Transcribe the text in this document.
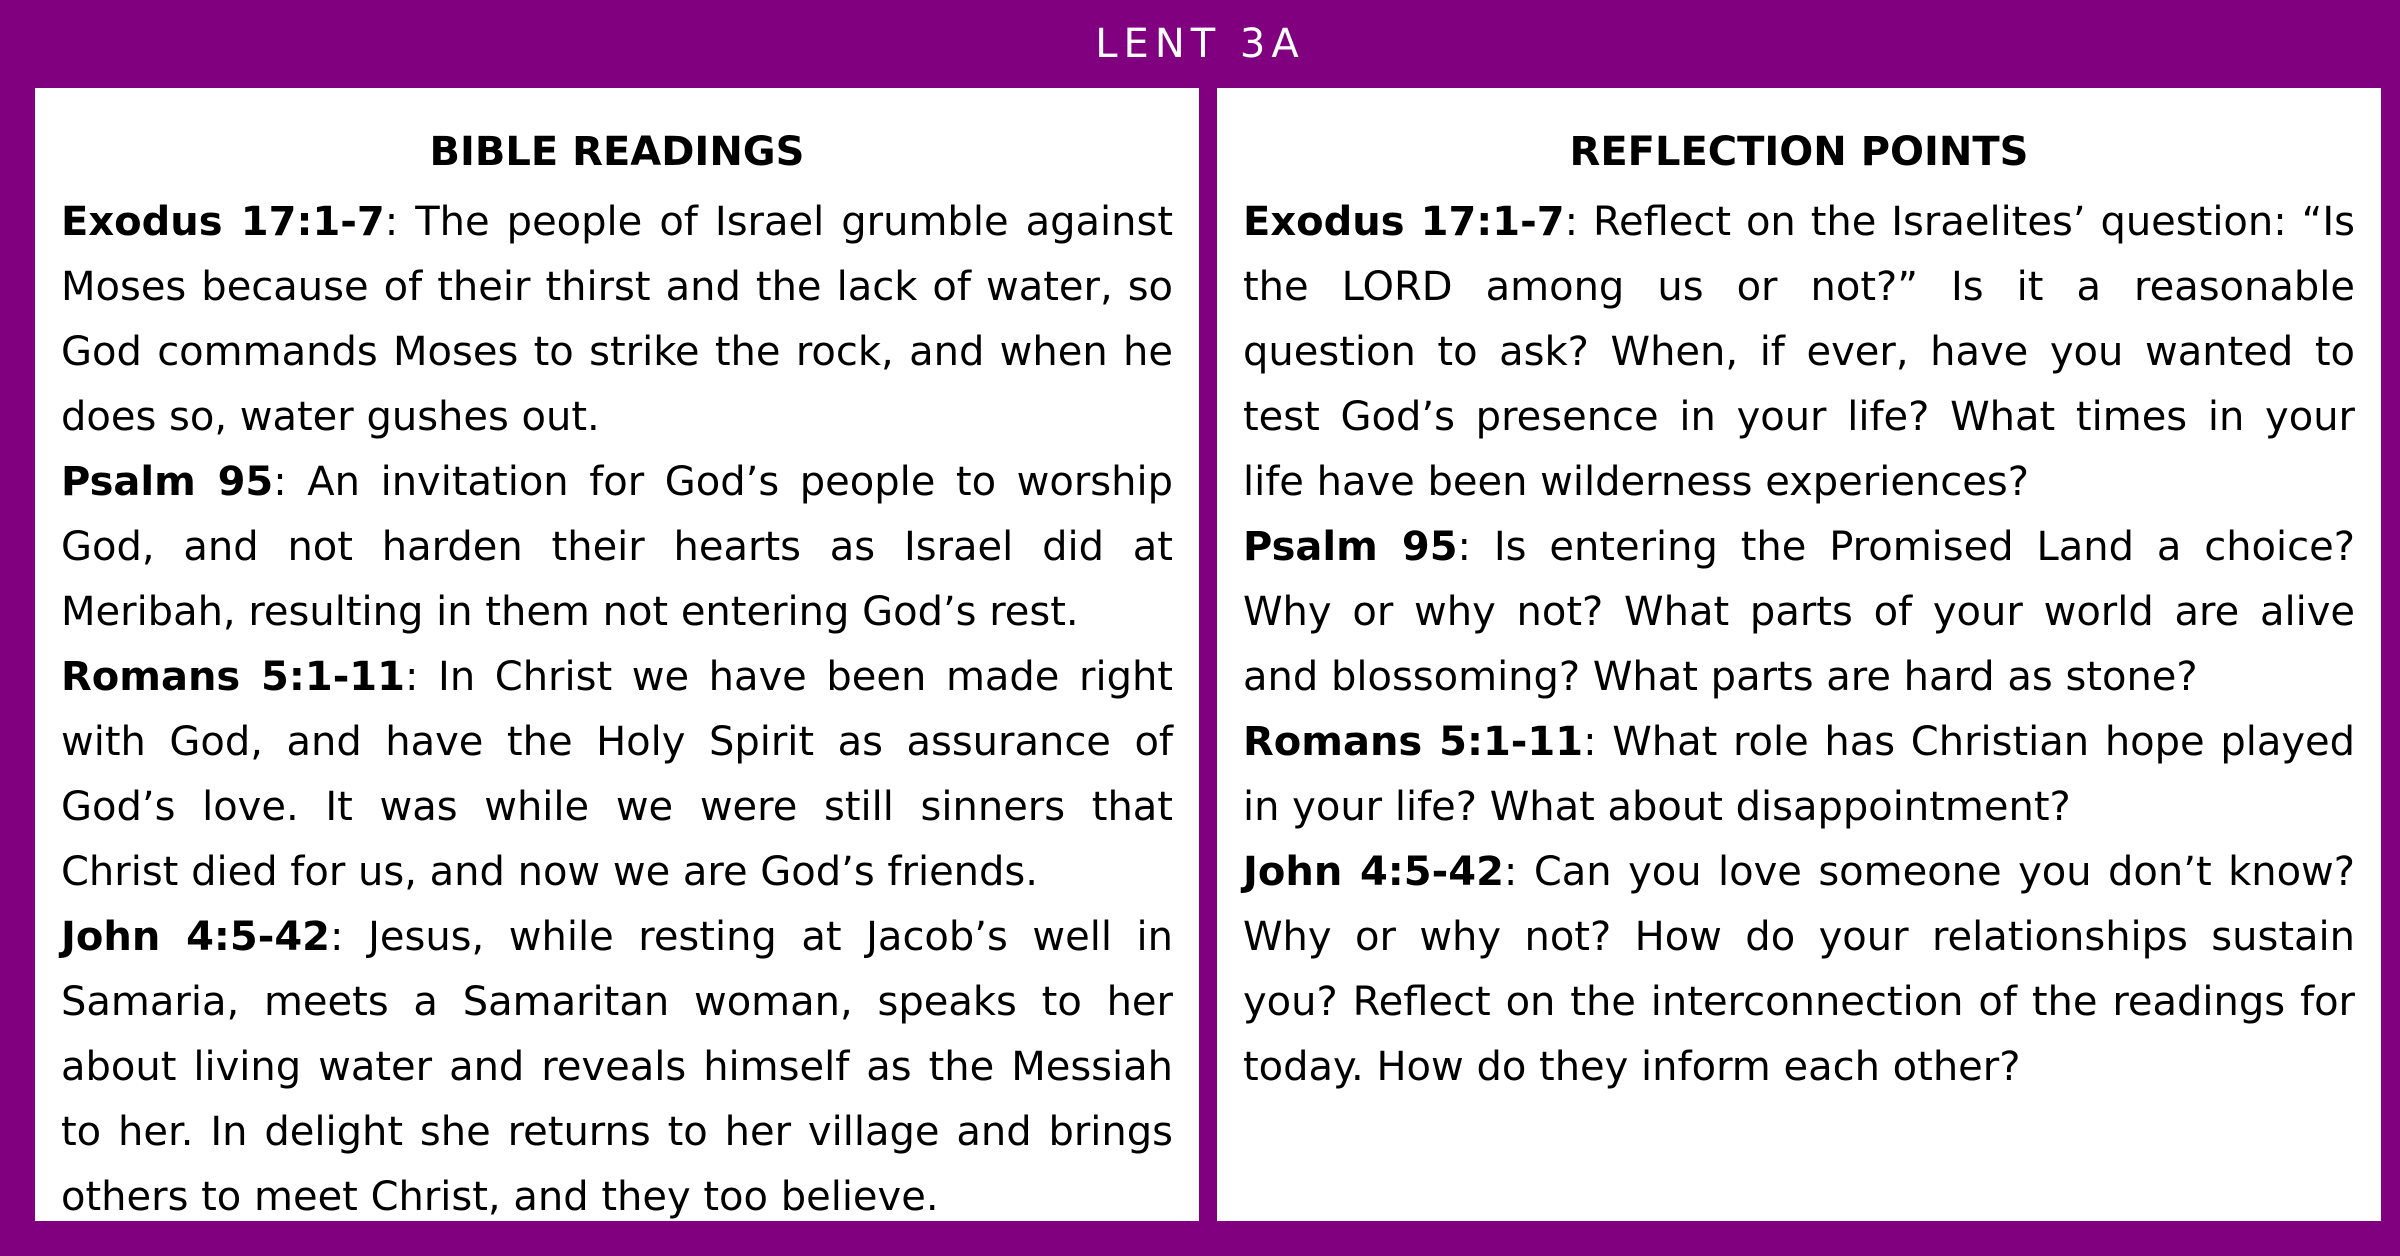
LENT 3A
BIBLE READINGS

Exodus 17:1-7: The people of Israel grumble against Moses because of their thirst and the lack of water, so God commands Moses to strike the rock, and when he does so, water gushes out.

Psalm 95: An invitation for God’s people to worship God, and not harden their hearts as Israel did at Meribah, resulting in them not entering God’s rest.

Romans 5:1-11: In Christ we have been made right with God, and have the Holy Spirit as assurance of God’s love. It was while we were still sinners that Christ died for us, and now we are God’s friends.

John 4:5-42: Jesus, while resting at Jacob’s well in Samaria, meets a Samaritan woman, speaks to her about living water and reveals himself as the Messiah to her. In delight she returns to her village and brings others to meet Christ, and they too believe.

REFLECTION POINTS

Exodus 17:1-7: Reflect on the Israelites’ question: “Is the LORD among us or not?” Is it a reasonable question to ask? When, if ever, have you wanted to test God’s presence in your life? What times in your life have been wilderness experiences?

Psalm 95: Is entering the Promised Land a choice? Why or why not? What parts of your world are alive and blossoming? What parts are hard as stone?

Romans 5:1-11: What role has Christian hope played in your life? What about disappointment?

John 4:5-42: Can you love someone you don’t know? Why or why not? How do your relationships sustain you? Reflect on the interconnection of the readings for today. How do they inform each other?
